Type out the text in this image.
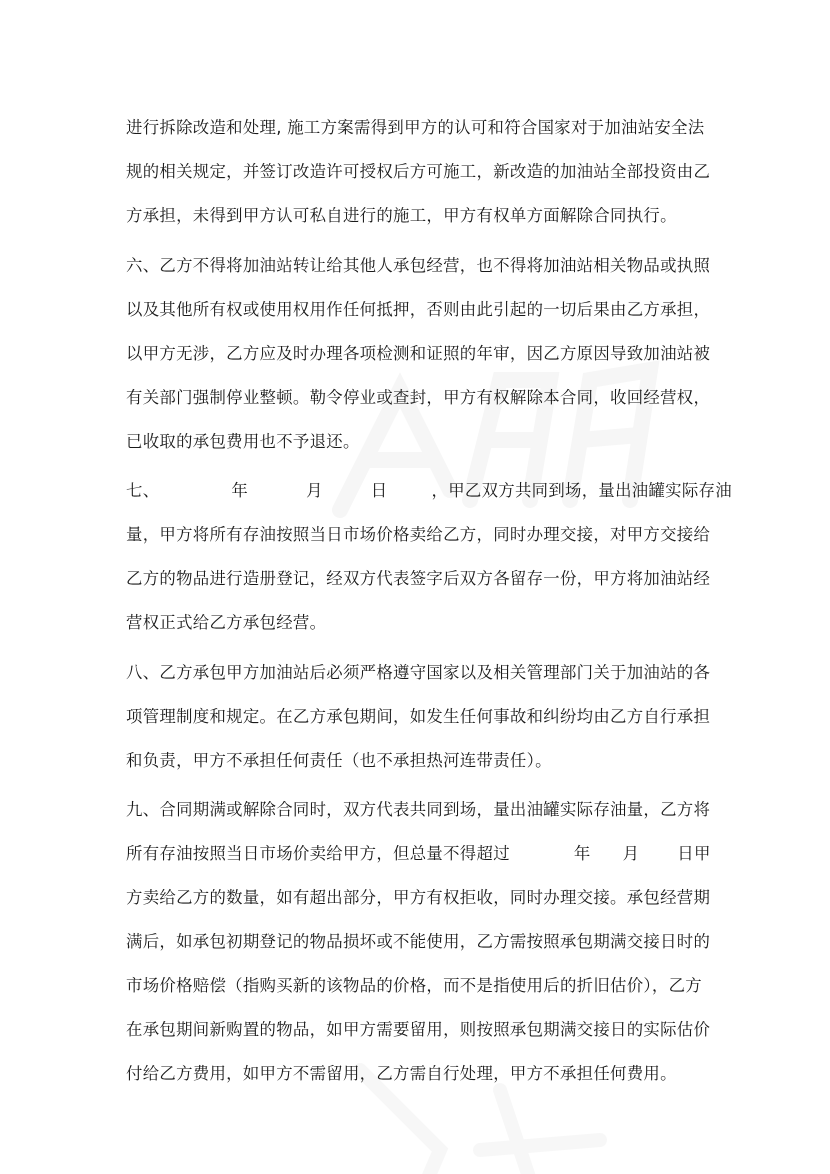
进行拆除改造和处理, 施工方案需得到甲方的认可和符合国家对于加油站安全法
规的相关规定，并签订改造许可授权后方可施工，新改造的加油站全部投资由乙
方承担，未得到甲方认可私自进行的施工，甲方有权单方面解除合同执行。
六、乙方不得将加油站转让给其他人承包经营，也不得将加油站相关物品或执照
以及其他所有权或使用权用作任何抵押，否则由此引起的一切后果由乙方承担，
以甲方无涉，乙方应及时办理各项检测和证照的年审，因乙方原因导致加油站被
有关部门强制停业整顿。勒令停业或查封，甲方有权解除本合同，收回经营权，
已收取的承包费用也不予退还。
七、	年	月	日	，甲乙双方共同到场，量出油罐实际存油
量，甲方将所有存油按照当日市场价格卖给乙方，同时办理交接，对甲方交接给
乙方的物品进行造册登记，经双方代表签字后双方各留存一份，甲方将加油站经
营权正式给乙方承包经营。
八、乙方承包甲方加油站后必须严格遵守国家以及相关管理部门关于加油站的各
项管理制度和规定。在乙方承包期间，如发生任何事故和纠纷均由乙方自行承担
和负责，甲方不承担任何责任（也不承担热河连带责任）。
九、合同期满或解除合同时，双方代表共同到场，量出油罐实际存油量，乙方将
所有存油按照当日市场价卖给甲方，但总量不得超过	年 月 日甲
方卖给乙方的数量，如有超出部分，甲方有权拒收，同时办理交接。承包经营期
满后，如承包初期登记的物品损坏或不能使用，乙方需按照承包期满交接日时的
市场价格赔偿（指购买新的该物品的价格，而不是指使用后的折旧估价），乙方
在承包期间新购置的物品，如甲方需要留用，则按照承包期满交接日的实际估价
付给乙方费用，如甲方不需留用，乙方需自行处理，甲方不承担任何费用。
